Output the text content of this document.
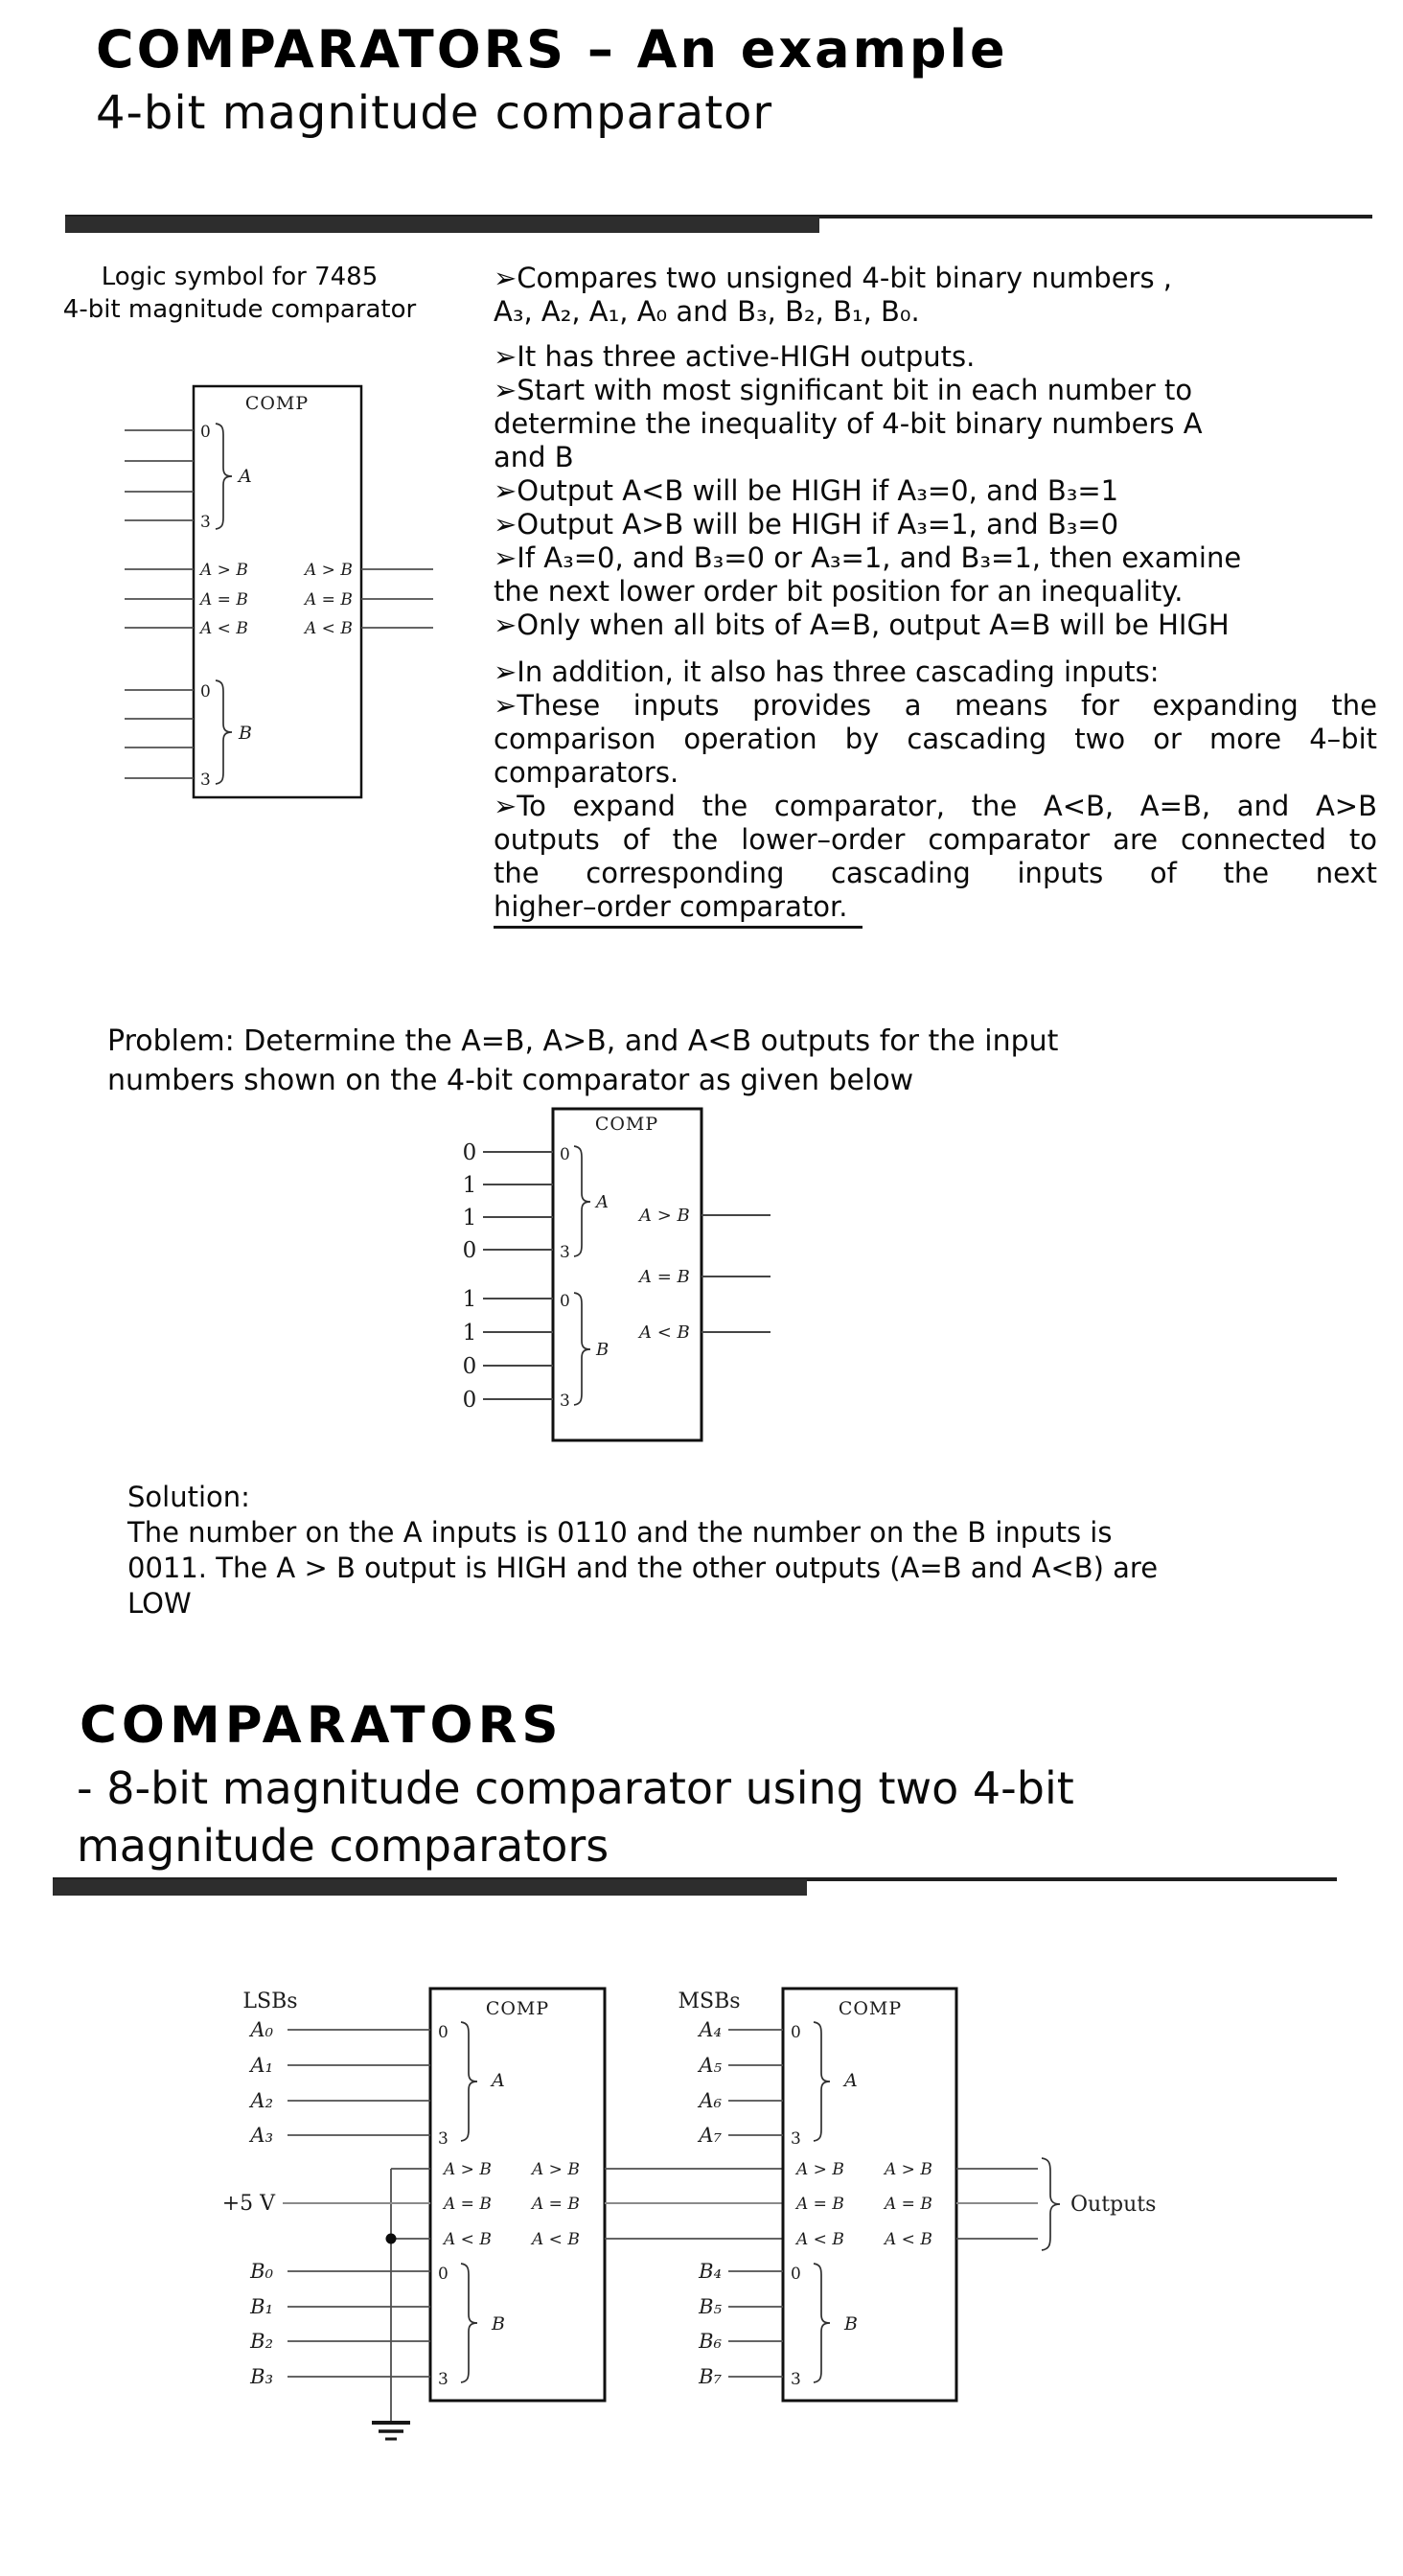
COMPARATORS – An example
4-bit magnitude comparator
Logic symbol for 7485
4-bit magnitude comparator
COMP
0
3
A
A > B
A = B
A < B
A > B
A = B
A < B
0
3
B
➢Compares two unsigned 4-bit binary numbers ,
A₃, A₂, A₁, A₀ and B₃, B₂, B₁, B₀.
➢It has three active-HIGH outputs.
➢Start with most significant bit in each number to
determine the inequality of 4-bit binary numbers A
and B
➢Output A<B will be HIGH if A₃=0, and B₃=1
➢Output A>B will be HIGH if A₃=1, and B₃=0
➢If A₃=0, and B₃=0 or A₃=1, and B₃=1, then examine
the next lower order bit position for an inequality.
➢Only when all bits of A=B, output A=B will be HIGH
➢In addition, it also has three cascading inputs:
➢These inputs provides a means for expanding the
comparison operation by cascading two or more 4–bit
comparators.
➢To expand the comparator, the A<B, A=B, and A>B
outputs of the lower–order comparator are connected to
the corresponding cascading inputs of the next
higher–order comparator.
Problem: Determine the A=B, A>B, and A<B outputs for the input
numbers shown on the 4-bit comparator as given below
COMP
0
1
1
0
0
3
A
A > B
A = B
A < B
1
1
0
0
0
3
B
Solution:
The number on the A inputs is 0110 and the number on the B inputs is
0011. The A > B output is HIGH and the other outputs (A=B and A<B) are
LOW
COMPARATORS
- 8-bit magnitude comparator using two 4-bit
magnitude comparators
LSBs	MSBs
COMP
A₀
A₁
A₂
A₃
0
3
A
+5 V
A > B
A = B
A < B
A > B
A = B
A < B
B₀
B₁
B₂
B₃
0
3
B
COMP
A₄
A₅
A₆
A₇
0
3
A
A > B
A = B
A < B
A > B
A = B
A < B
Outputs
B₄
B₅
B₆
B₇
0
3
B
